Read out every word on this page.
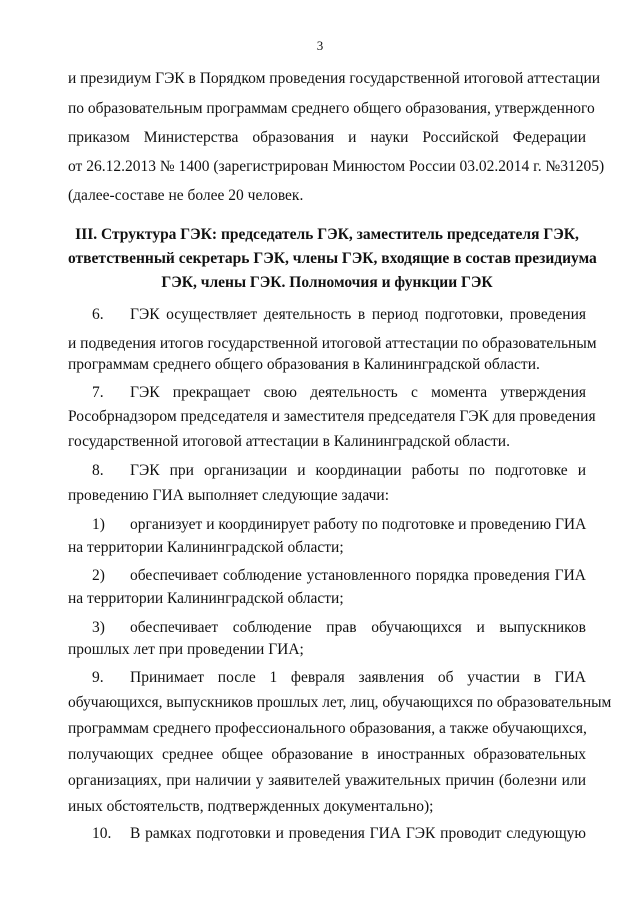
3
и президиум ГЭК в Порядком проведения государственной итоговой аттестации
по образовательным программам среднего общего образования, утвержденного
приказом Министерства образования и науки Российской Федерации
от 26.12.2013 № 1400 (зарегистрирован Минюстом России 03.02.2014 г. №31205)
(далее-составе не более 20 человек.
III. Структура ГЭК: председатель ГЭК, заместитель председателя ГЭК,
ответственный секретарь ГЭК, члены ГЭК, входящие в состав президиума
ГЭК, члены ГЭК. Полномочия и функции ГЭК
6. ГЭК осуществляет деятельность в период подготовки, проведения
и подведения итогов государственной итоговой аттестации по образовательным
программам среднего общего образования в Калининградской области.
7. ГЭК прекращает свою деятельность с момента утверждения
Рособрнадзором председателя и заместителя председателя ГЭК для проведения
государственной итоговой аттестации в Калининградской области.
8. ГЭК при организации и координации работы по подготовке и
проведению ГИА выполняет следующие задачи:
1) организует и координирует работу по подготовке и проведению ГИА
на территории Калининградской области;
2) обеспечивает соблюдение установленного порядка проведения ГИА
на территории Калининградской области;
3) обеспечивает соблюдение прав обучающихся и выпускников
прошлых лет при проведении ГИА;
9. Принимает после 1 февраля заявления об участии в ГИА
обучающихся, выпускников прошлых лет, лиц, обучающихся по образовательным
программам среднего профессионального образования, а также обучающихся,
получающих среднее общее образование в иностранных образовательных
организациях, при наличии у заявителей уважительных причин (болезни или
иных обстоятельств, подтвержденных документально);
10. В рамках подготовки и проведения ГИА ГЭК проводит следующую
